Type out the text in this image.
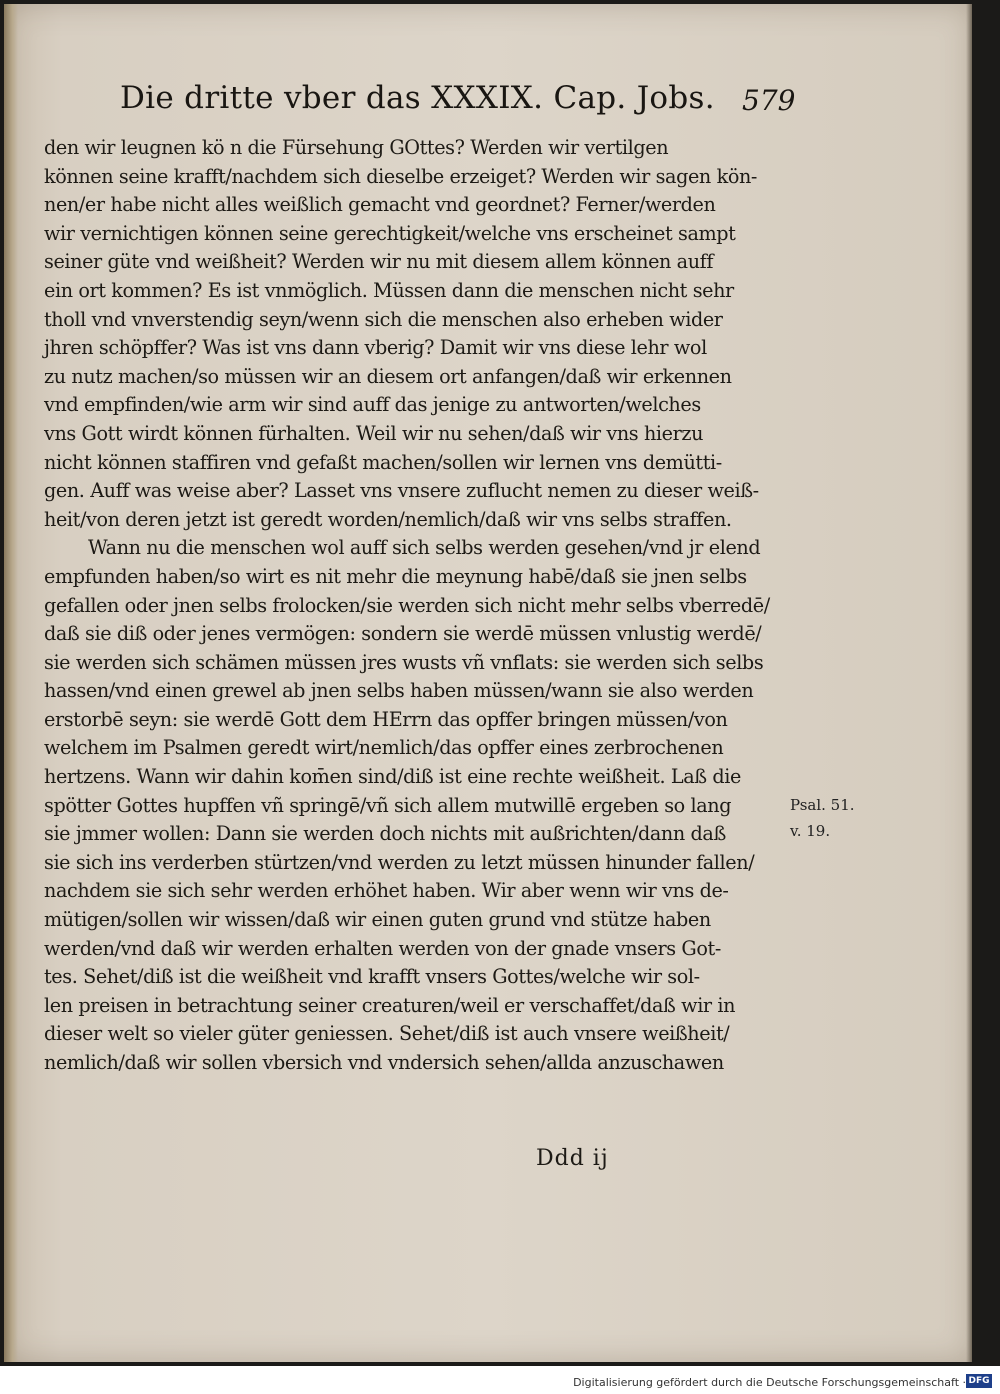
Die dritte vber das XXXIX. Cap. Jobs. 579
den wir leugnen kö n die Fürsehung GOttes? Werden wir vertilgen
können seine krafft/nachdem sich dieselbe erzeiget? Werden wir sagen kön-
nen/er habe nicht alles weißlich gemacht vnd geordnet? Ferner/werden
wir vernichtigen können seine gerechtigkeit/welche vns erscheinet sampt
seiner güte vnd weißheit? Werden wir nu mit diesem allem können auff
ein ort kommen? Es ist vnmöglich. Müssen dann die menschen nicht sehr
tholl vnd vnverstendig seyn/wenn sich die menschen also erheben wider
jhren schöpffer? Was ist vns dann vberig? Damit wir vns diese lehr wol
zu nutz machen/so müssen wir an diesem ort anfangen/daß wir erkennen
vnd empfinden/wie arm wir sind auff das jenige zu antworten/welches
vns Gott wirdt können fürhalten. Weil wir nu sehen/daß wir vns hierzu
nicht können staffiren vnd gefaßt machen/sollen wir lernen vns demütti-
gen. Auff was weise aber? Lasset vns vnsere zuflucht nemen zu dieser weiß-
heit/von deren jetzt ist geredt worden/nemlich/daß wir vns selbs straffen.
Wann nu die menschen wol auff sich selbs werden gesehen/vnd jr elend
empfunden haben/so wirt es nit mehr die meynung habē/daß sie jnen selbs
gefallen oder jnen selbs frolocken/sie werden sich nicht mehr selbs vberredē/
daß sie diß oder jenes vermögen: sondern sie werdē müssen vnlustig werdē/
sie werden sich schämen müssen jres wusts vñ vnflats: sie werden sich selbs
hassen/vnd einen grewel ab jnen selbs haben müssen/wann sie also werden
erstorbē seyn: sie werdē Gott dem HErrn das opffer bringen müssen/von
welchem im Psalmen geredt wirt/nemlich/das opffer eines zerbrochenen
hertzens. Wann wir dahin kom̄en sind/diß ist eine rechte weißheit. Laß die
spötter Gottes hupffen vñ springē/vñ sich allem mutwillē ergeben so lang
sie jmmer wollen: Dann sie werden doch nichts mit außrichten/dann daß
sie sich ins verderben stürtzen/vnd werden zu letzt müssen hinunder fallen/
nachdem sie sich sehr werden erhöhet haben. Wir aber wenn wir vns de-
mütigen/sollen wir wissen/daß wir einen guten grund vnd stütze haben
werden/vnd daß wir werden erhalten werden von der gnade vnsers Got-
tes. Sehet/diß ist die weißheit vnd krafft vnsers Gottes/welche wir sol-
len preisen in betrachtung seiner creaturen/weil er verschaffet/daß wir in
dieser welt so vieler güter geniessen. Sehet/diß ist auch vnsere weißheit/
nemlich/daß wir sollen vbersich vnd vndersich sehen/allda anzuschawen
Psal. 51.
v. 19.
Ddd ij
Digitalisierung gefördert durch die Deutsche Forschungsgemeinschaft · DFG
